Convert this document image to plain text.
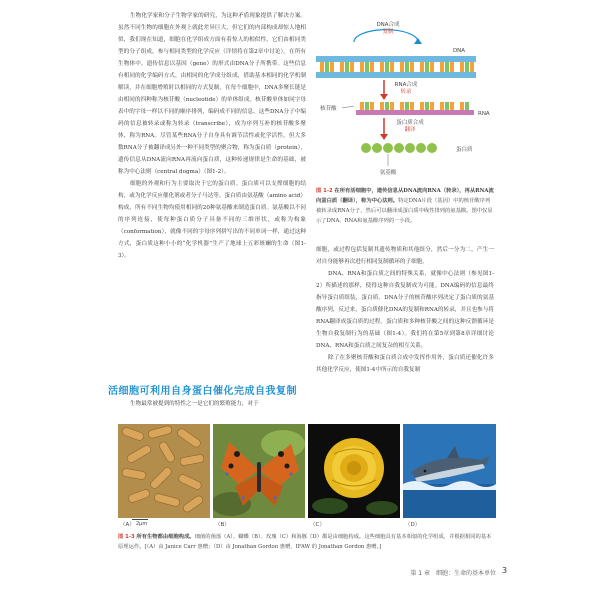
生物化学家和分子生物学家的研究，为这种矛盾现象提供了解决方案。虽然不同生物的细胞在外观上就此差异巨大，但它们的内部构成却惊人地相似，我们现在知道，细胞在化学组成方面有着惊人的相似性，它们由相同类型的分子组成，参与相同类型的化学反应（详情将在第2章中讨论）。在所有生物体中，遗传信息以基因（gene）的形式由DNA分子所携带。这些信息有相同的化学编码方式，由相同的化学成分组成，借助基本相同的化学机制解读，并在细胞增殖时以相同的方式复制。在每个细胞中，DNA多聚长链是由相同的四种称为核苷酸（nucleotide）的单体组成。核苷酸单体如同字母表中的字母一样以不同的顺序排列，编码成不同的信息。这些DNA分子中编码的信息被转录或称为转录（transcribe），成为序列互补的核苷酸多聚体，称为RNA。尽管某些RNA分子自身具有调节活性或化学活性，但大多数RNA分子被翻译成另外一种不同类型的聚合物，称为蛋白质（protein），遗传信息从DNA流向RNA再流向蛋白质，这种传递规律是生命的基础，被称为中心法则（central dogma）（图1-2）。

细胞的外观和行为主要取决于它的蛋白质。蛋白质可以支撑细胞的结构，或为化学反应催化剂或者分子马达等。蛋白质由氨基酸（amino acid）构成，所有不同生物均使用相同的20种氨基酸来制造蛋白质。氨基酸以不同的序列连接，使每种蛋白质分子具备不同的三维形状，或称为构象（conformation），就像不同的字母序列拼写出的不同单词一样，通过这种方式，蛋白质这种小小的“化学机器”生产了地球上五彩斑斓的生命（图1-3）。

活细胞可利用自身蛋白催化完成自我复制
生物最常被提到的特性之一是它们的繁殖能力，对于
DNA合成
复制
DNA
RNA合成
转录
核苷酸
RNA
蛋白质合成
翻译
蛋白质
氨基酸
图 1-2 在所有活细胞中，遗传信息从DNA流向RNA（转录），再从RNA流向蛋白质（翻译），称为中心法则。特定DNA片段（基因）中的核苷酸序列被转录成RNA分子，然后可以翻译成蛋白质中线性排列的氨基酸。图中仅显示了DNA、RNA和氨基酸序列的一小段。

细胞，或过程包括复制其遗传物质和其他组分，然后一分为二，产生一对自身能够再次进行相同复制循环的子细胞。

DNA、RNA和蛋白质之间的特殊关系，就像中心法则（参见图1-2）所描述的那样，使得这种自我复制成为可能。DNA编码的信息最终指导蛋白质组装，蛋白质、DNA分子的核苷酸序列决定了蛋白质的氨基酸序列，反过来，蛋白质催化DNA的复制和RNA的转录，并且也参与将RNA翻译成蛋白质的过程。蛋白质和多种核苷酸之间的这种反馈循环是生物自我复制行为的基础（图1-4）。我们将在第5章到第8章详细讨论DNA、RNA和蛋白质之间复杂的相互关系。

除了在多聚核苷酸和蛋白质合成中发挥作用外，蛋白质还催化许多其他化学反应，使图1-4中所示的自我复制

2μm
（A）	（B）	（C）	（D）
图 1-3 所有生物都由细胞构成。细菌的菌落（A）、蝴蝶（B）、玫瑰（C）和海豚（D）都是由细胞构成。这些细胞具有基本相似的化学组成，并根据相同的基本原理运作。[（A）由 Janice Carr 惠赠；（D）由 Jonathan Gordon 惠赠，IFAW 的 Jonathan Gordon 惠赠。]
第 1 章　细胞：生命的基本单位 3
